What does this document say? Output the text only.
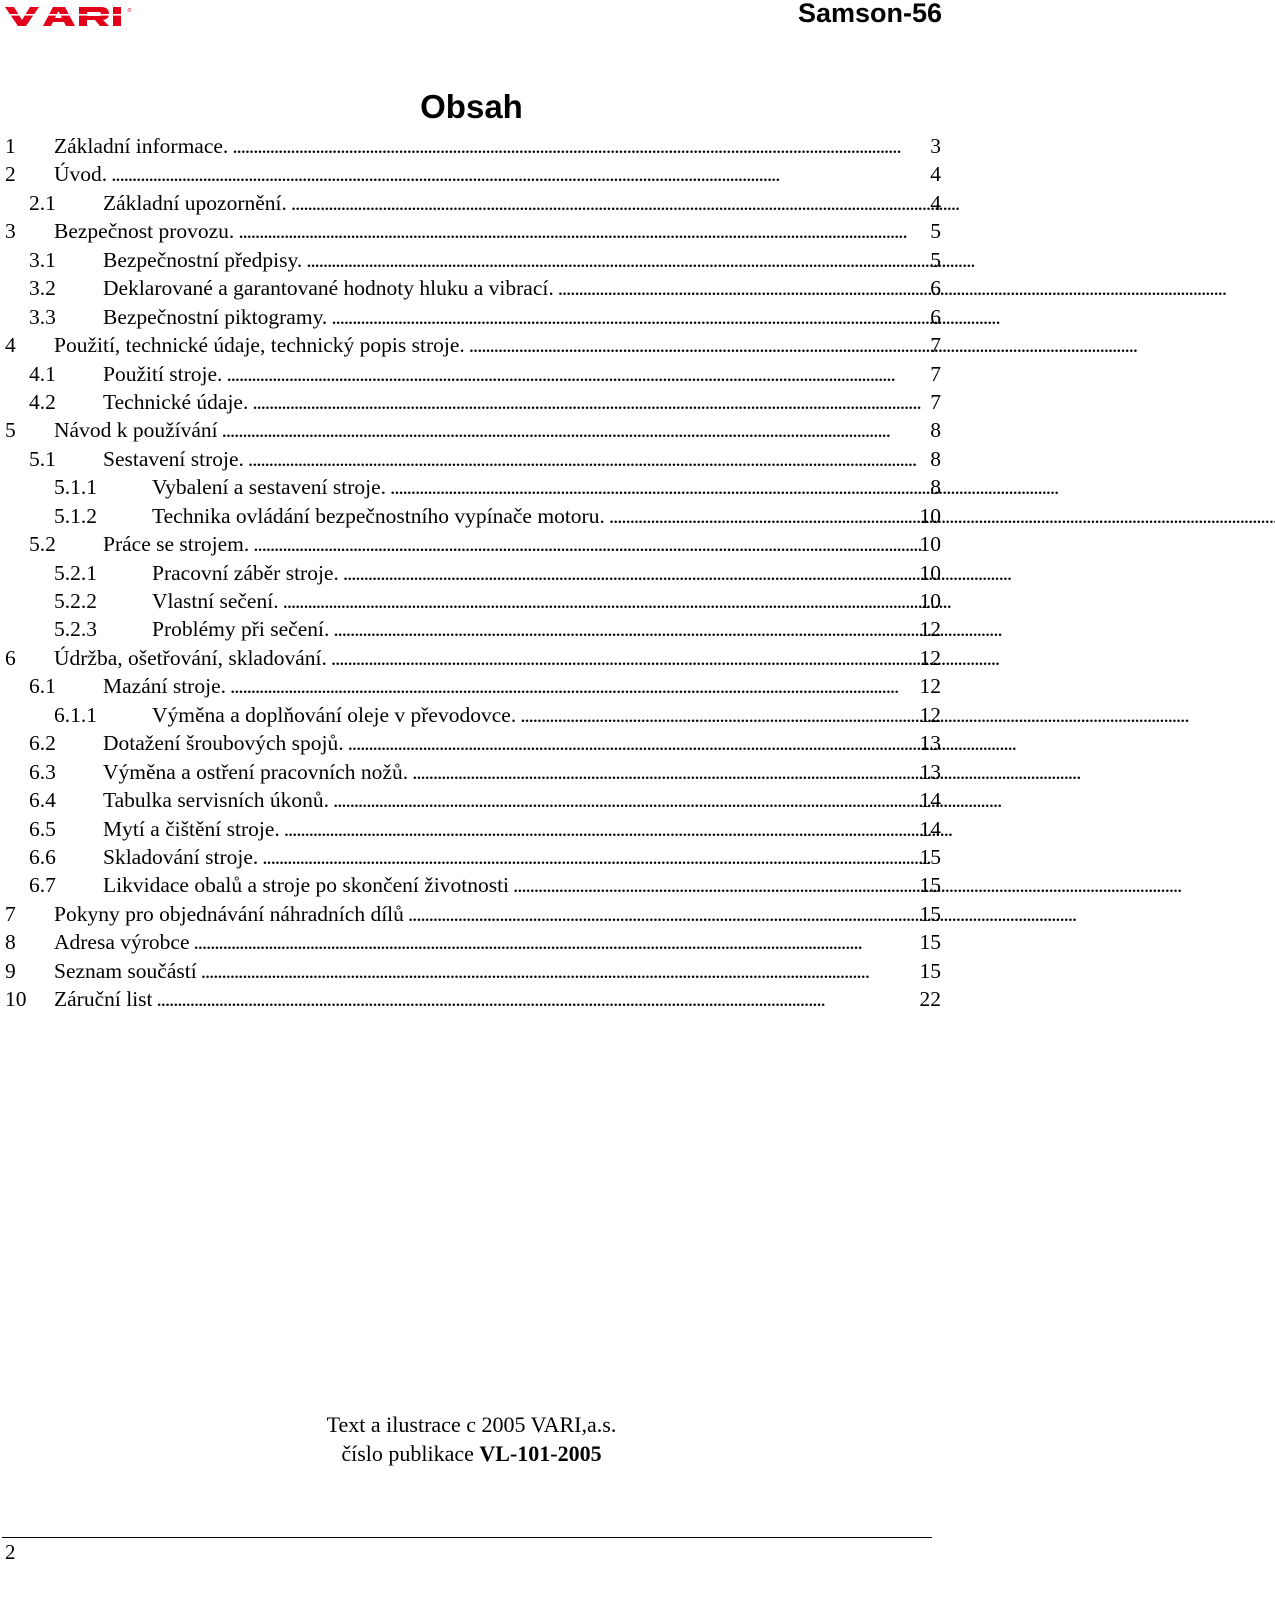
®	Samson-56
Obsah
1	Základní informace. . . .	3
2	Úvod. . . .	4
2.1	Základní upozornění. . . .	4
3	Bezpečnost provozu. . . .	5
3.1	Bezpečnostní předpisy. . . .	5
3.2	Deklarované a garantované hodnoty hluku a vibrací. . . .	6
3.3	Bezpečnostní piktogramy. . . .	6
4	Použití, technické údaje, technický popis stroje. . . .	7
4.1	Použití stroje. . . .	7
4.2	Technické údaje. . . .	7
5	Návod k používání . . .	8
5.1	Sestavení stroje. . . .	8
5.1.1	Vybalení a sestavení stroje. . . .	8
5.1.2	Technika ovládání bezpečnostního vypínače motoru. . . .	10
5.2	Práce se strojem. . . .	10
5.2.1	Pracovní záběr stroje. . . .	10
5.2.2	Vlastní sečení. . . .	10
5.2.3	Problémy při sečení. . . .	12
6	Údržba, ošetřování, skladování. . . .	12
6.1	Mazání stroje. . . .	12
6.1.1	Výměna a doplňování oleje v převodovce. . . .	12
6.2	Dotažení šroubových spojů. . . .	13
6.3	Výměna a ostření pracovních nožů. . . .	13
6.4	Tabulka servisních úkonů. . . .	14
6.5	Mytí a čištění stroje. . . .	14
6.6	Skladování stroje. . . .	15
6.7	Likvidace obalů a stroje po skončení životnosti . . .	15
7	Pokyny pro objednávání náhradních dílů . . .	15
8	Adresa výrobce . . .	15
9	Seznam součástí . . .	15
10	Záruční list . . .	22
Text a ilustrace c 2005 VARI,a.s.
číslo publikace VL-101-2005
2
